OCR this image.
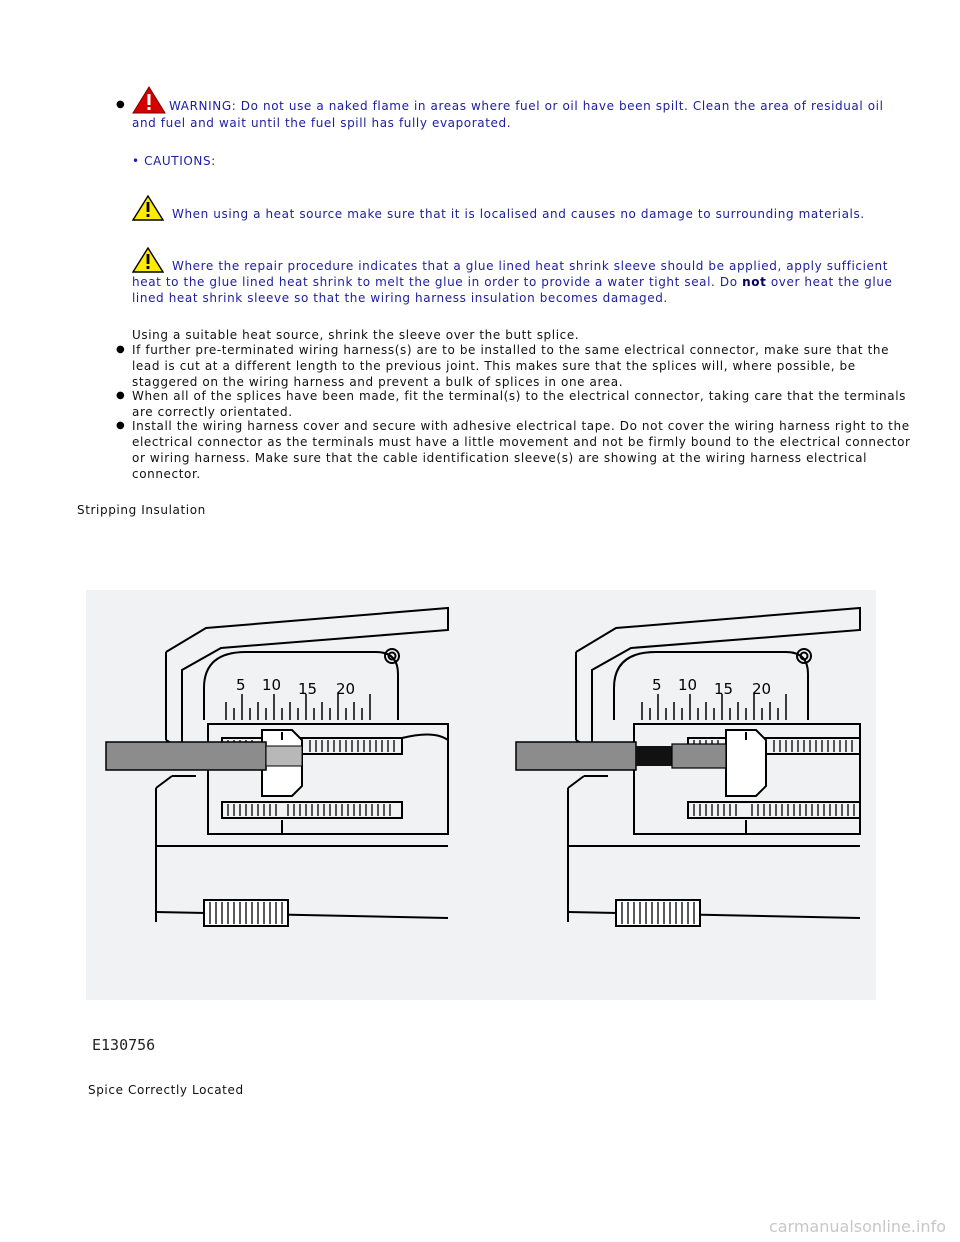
●	WARNING: Do not use a naked flame in areas where fuel or oil have been spilt. Clean the area of residual oil
and fuel and wait until the fuel spill has fully evaporated.
• CAUTIONS:
When using a heat source make sure that it is localised and causes no damage to surrounding materials.
Where the repair procedure indicates that a glue lined heat shrink sleeve should be applied, apply sufficient
heat to the glue lined heat shrink to melt the glue in order to provide a water tight seal. Do not over heat the glue
lined heat shrink sleeve so that the wiring harness insulation becomes damaged.
Using a suitable heat source, shrink the sleeve over the butt splice.
● If further pre-terminated wiring harness(s) are to be installed to the same electrical connector, make sure that the
lead is cut at a different length to the previous joint. This makes sure that the splices will, where possible, be
staggered on the wiring harness and prevent a bulk of splices in one area.
● When all of the splices have been made, fit the terminal(s) to the electrical connector, taking care that the terminals
are correctly orientated.
● Install the wiring harness cover and secure with adhesive electrical tape. Do not cover the wiring harness right to the
electrical connector as the terminals must have a little movement and not be firmly bound to the electrical connector
or wiring harness. Make sure that the cable identification sleeve(s) are showing at the wiring harness electrical
connector.
Stripping Insulation
5 10 15 20	5 10 15 20
E130756
Spice Correctly Located
carmanualsonline.info
